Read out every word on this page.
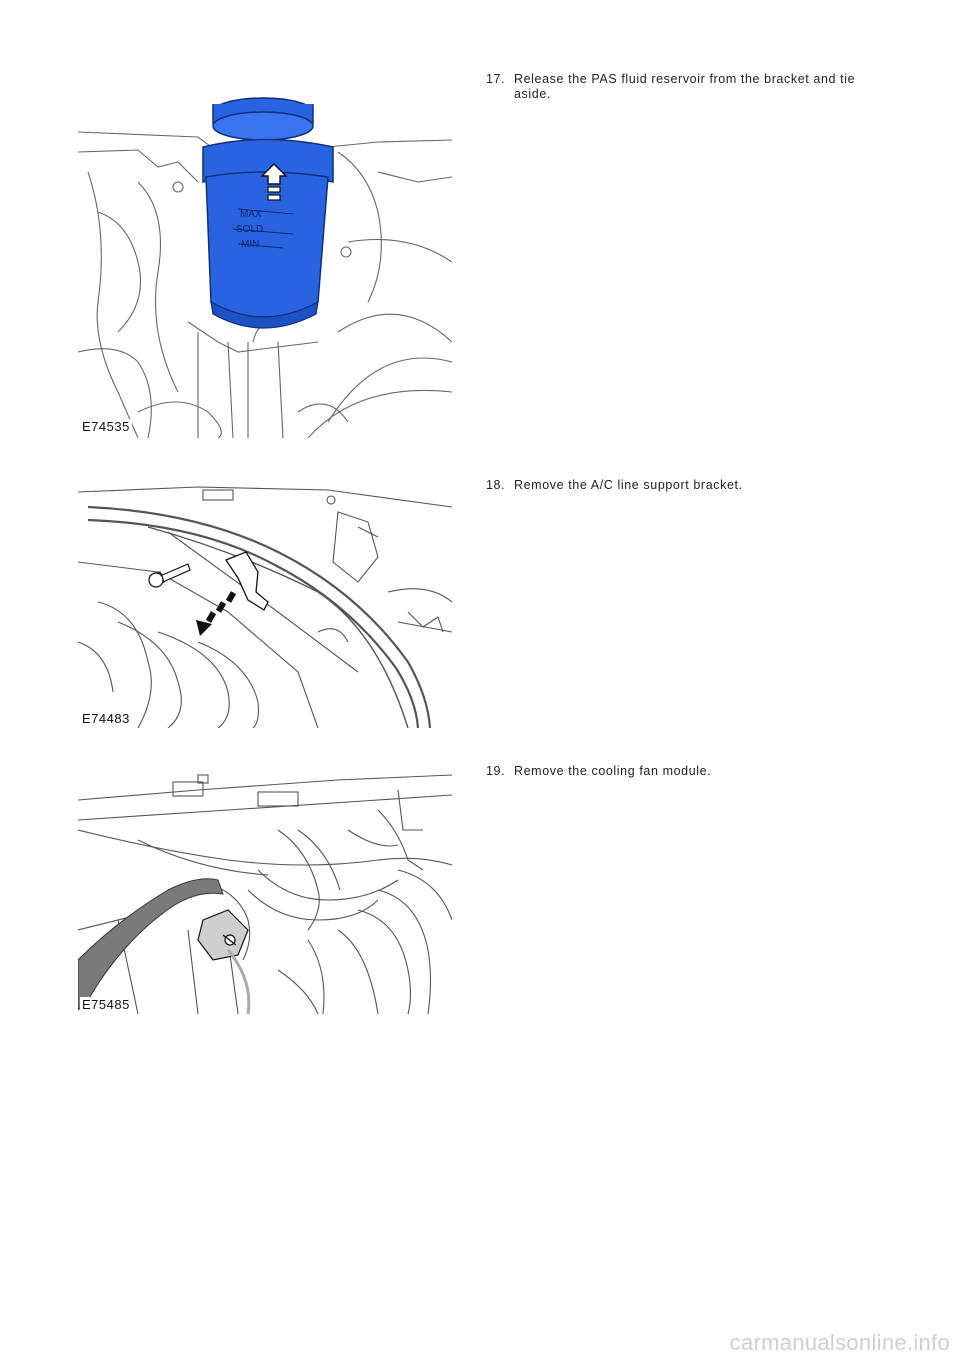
MAX
SOLD
MIN
E74535
17. Release the PAS fluid reservoir from the bracket and tie aside.
E74483
18. Remove the A/C line support bracket.
E75485
19. Remove the cooling fan module.
carmanualsonline.info
